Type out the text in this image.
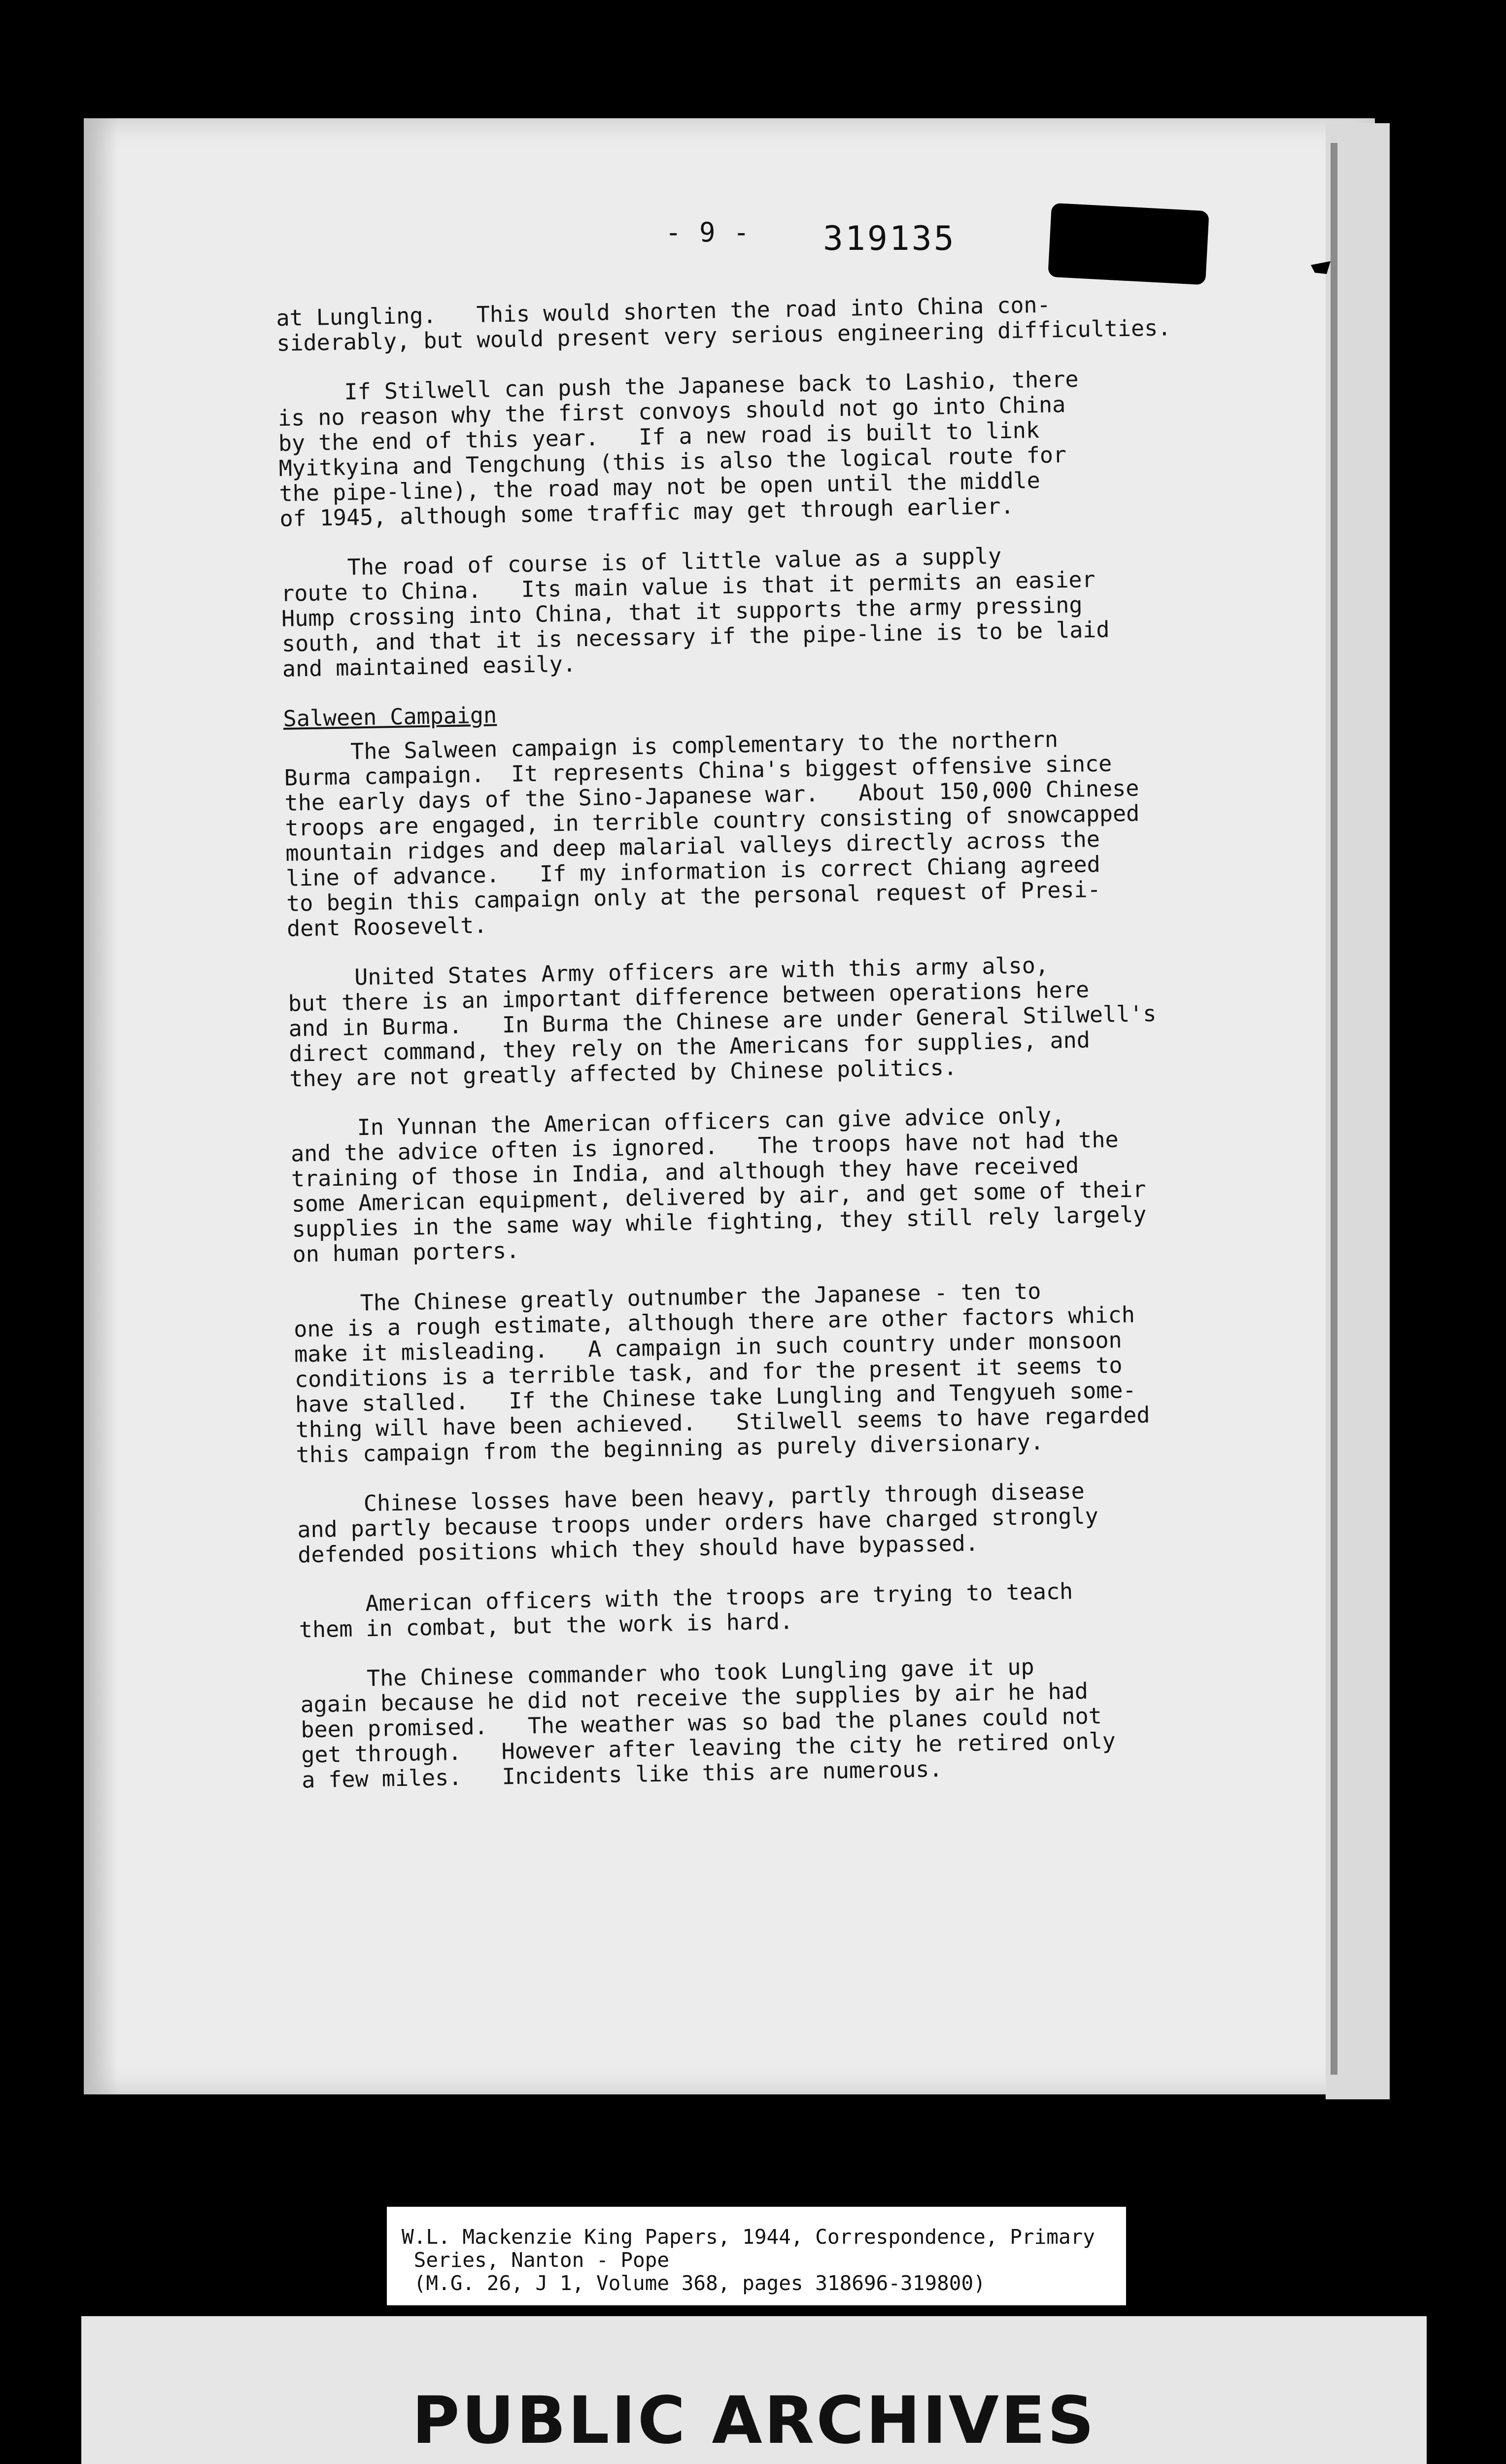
- 9 - 319135
at Lungling.   This would shorten the road into China con-
siderably, but would present very serious engineering difficulties.
If Stilwell can push the Japanese back to Lashio, there
is no reason why the first convoys should not go into China
by the end of this year.   If a new road is built to link
Myitkyina and Tengchung (this is also the logical route for
the pipe-line), the road may not be open until the middle
of 1945, although some traffic may get through earlier.
The road of course is of little value as a supply
route to China.   Its main value is that it permits an easier
Hump crossing into China, that it supports the army pressing
south, and that it is necessary if the pipe-line is to be laid
and maintained easily.
Salween Campaign
The Salween campaign is complementary to the northern
Burma campaign.  It represents China's biggest offensive since
the early days of the Sino-Japanese war.   About 150,000 Chinese
troops are engaged, in terrible country consisting of snowcapped
mountain ridges and deep malarial valleys directly across the
line of advance.   If my information is correct Chiang agreed
to begin this campaign only at the personal request of Presi-
dent Roosevelt.
United States Army officers are with this army also,
but there is an important difference between operations here
and in Burma.   In Burma the Chinese are under General Stilwell's
direct command, they rely on the Americans for supplies, and
they are not greatly affected by Chinese politics.
In Yunnan the American officers can give advice only,
and the advice often is ignored.   The troops have not had the
training of those in India, and although they have received
some American equipment, delivered by air, and get some of their
supplies in the same way while fighting, they still rely largely
on human porters.
The Chinese greatly outnumber the Japanese - ten to
one is a rough estimate, although there are other factors which
make it misleading.   A campaign in such country under monsoon
conditions is a terrible task, and for the present it seems to
have stalled.   If the Chinese take Lungling and Tengyueh some-
thing will have been achieved.   Stilwell seems to have regarded
this campaign from the beginning as purely diversionary.
Chinese losses have been heavy, partly through disease
and partly because troops under orders have charged strongly
defended positions which they should have bypassed.
American officers with the troops are trying to teach
them in combat, but the work is hard.
The Chinese commander who took Lungling gave it up
again because he did not receive the supplies by air he had
been promised.   The weather was so bad the planes could not
get through.   However after leaving the city he retired only
a few miles.   Incidents like this are numerous.
W.L. Mackenzie King Papers, 1944, Correspondence, Primary
Series, Nanton - Pope
(M.G. 26, J 1, Volume 368, pages 318696-319800)
PUBLIC ARCHIVES
